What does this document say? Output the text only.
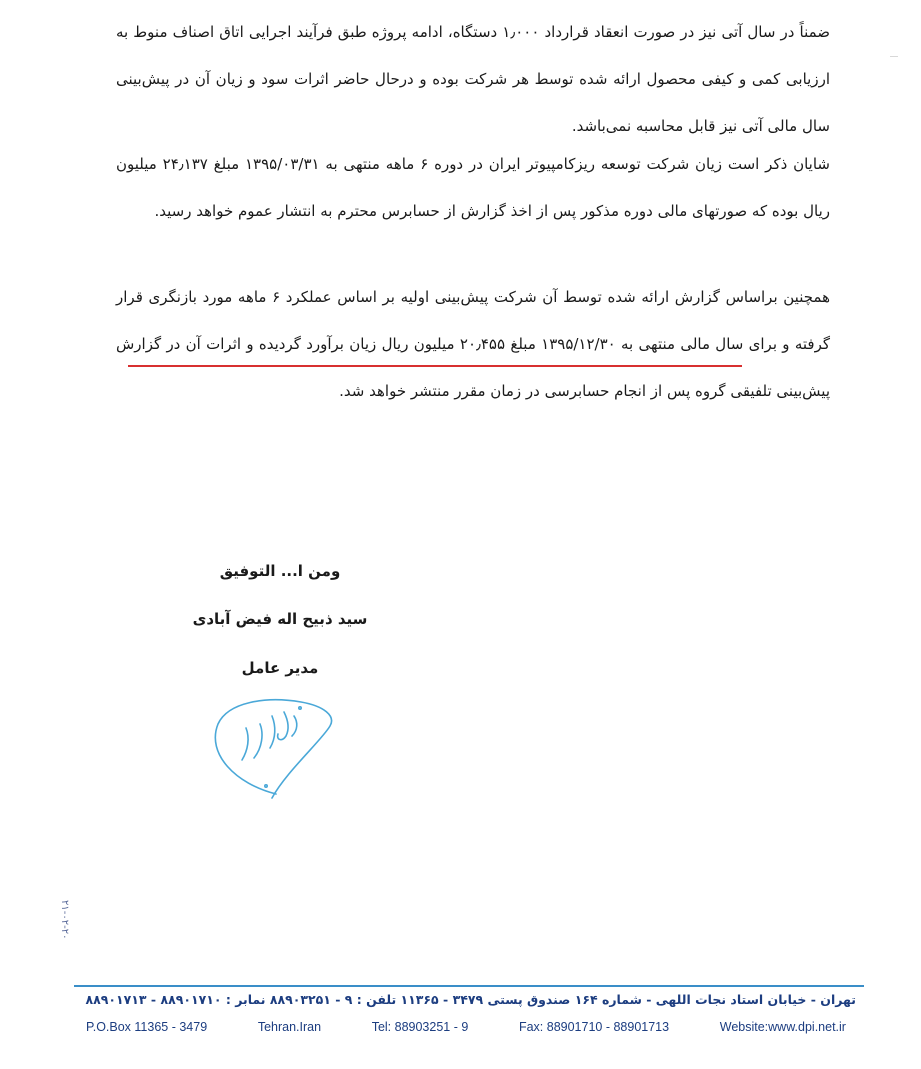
ضمناً در سال آتی نیز در صورت انعقاد قرارداد ۱٫۰۰۰ دستگاه، ادامه پروژه طبق فرآیند اجرایی اتاق اصناف منوط به ارزیابی کمی و کیفی محصول ارائه شده توسط هر شرکت بوده و درحال حاضر اثرات سود و زیان آن در پیش‌بینی سال مالی آتی نیز قابل محاسبه نمی‌باشد.

شایان ذکر است زیان شرکت توسعه ریزکامپیوتر ایران در دوره ۶ ماهه منتهی به ۱۳۹۵/۰۳/۳۱ مبلغ ۲۴٫۱۳۷ میلیون ریال بوده که صورتهای مالی دوره مذکور پس از اخذ گزارش از حسابرس محترم به انتشار عموم خواهد رسید.

همچنین براساس گزارش ارائه شده توسط آن شرکت پیش‌بینی اولیه بر اساس عملکرد ۶ ماهه مورد بازنگری قرار گرفته و برای سال مالی منتهی به ۱۳۹۵/۱۲/۳۰ مبلغ ۲۰٫۴۵۵ میلیون ریال زیان برآورد گردیده و اثرات آن در گزارش پیش‌بینی تلفیقی گروه پس از انجام حسابرسی در زمان مقرر منتشر خواهد شد.

ومن ا... التوفیق
سید ذبیح اله فیض آبادی
مدیر عامل
۲۱-۰۲-۲۰
تهران - خیابان استاد نجات اللهی - شماره ۱۶۴ صندوق پستی ۳۴۷۹ - ۱۱۳۶۵ تلفن : ۹ - ۸۸۹۰۳۲۵۱ نمابر : ۸۸۹۰۱۷۱۰ - ۸۸۹۰۱۷۱۳
P.O.Box 11365 - 3479	Tehran.Iran	Tel: 88903251 - 9	Fax: 88901710 - 88901713	Website:www.dpi.net.ir
